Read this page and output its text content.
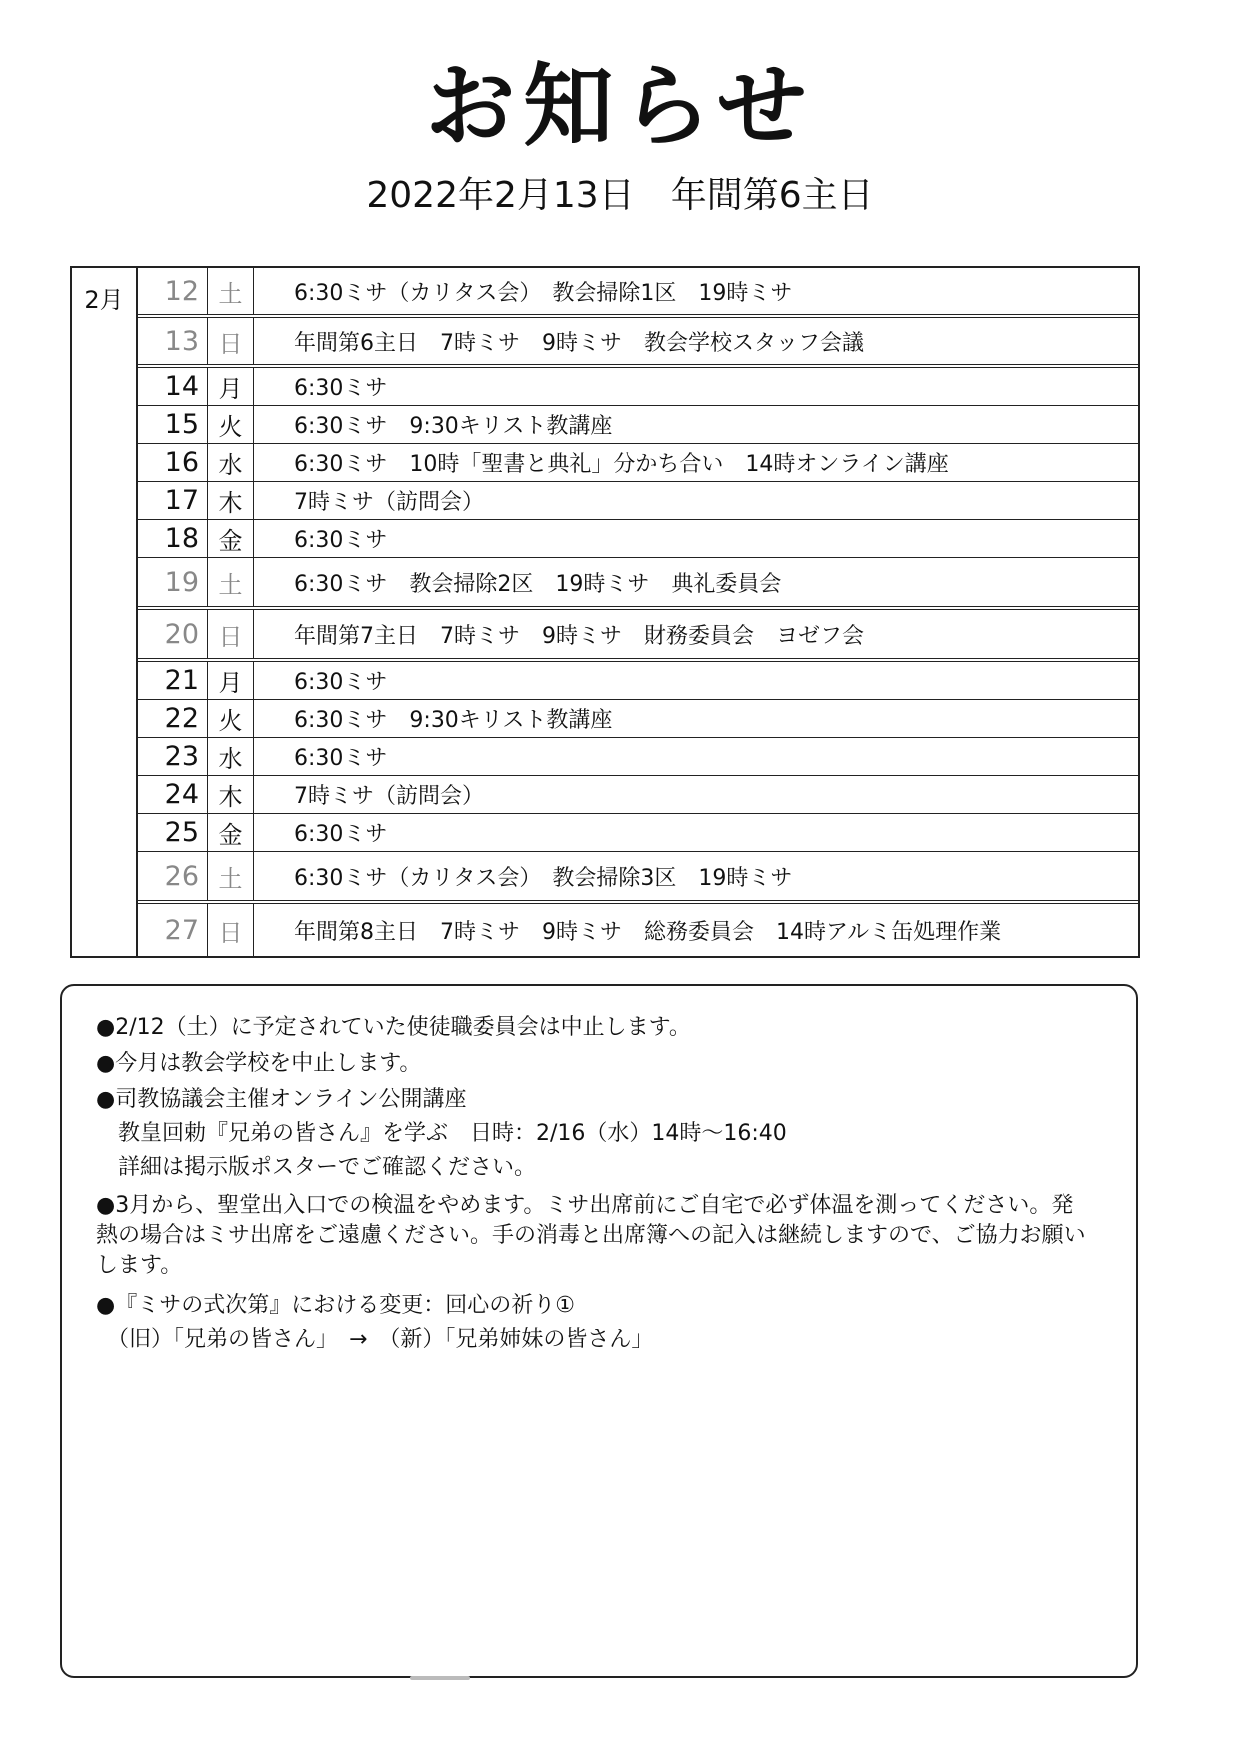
お知らせ
2022年2月13日　年間第6主日
2月	12 土	6:30ミサ（カリタス会）　教会掃除1区　19時ミサ
13 日	年間第6主日　7時ミサ　9時ミサ　教会学校スタッフ会議
14 月	6:30ミサ
15 火	6:30ミサ　9:30キリスト教講座
16 水	6:30ミサ　10時「聖書と典礼」分かち合い　14時オンライン講座
17 木	7時ミサ（訪問会）
18 金	6:30ミサ
19 土	6:30ミサ　教会掃除2区　19時ミサ　典礼委員会
20 日	年間第7主日　7時ミサ　9時ミサ　財務委員会　ヨゼフ会
21 月	6:30ミサ
22 火	6:30ミサ　9:30キリスト教講座
23 水	6:30ミサ
24 木	7時ミサ（訪問会）
25 金	6:30ミサ
26 土	6:30ミサ（カリタス会）　教会掃除3区　19時ミサ
27 日	年間第8主日　7時ミサ　9時ミサ　総務委員会　14時アルミ缶処理作業
●2/12（土）に予定されていた使徒職委員会は中止します。
●今月は教会学校を中止します。
●司教協議会主催オンライン公開講座
　教皇回勅『兄弟の皆さん』を学ぶ　日時：2/16（水）14時～16:40
　詳細は掲示版ポスターでご確認ください。
●3月から、聖堂出入口での検温をやめます。ミサ出席前にご自宅で必ず体温を測ってください。発
熱の場合はミサ出席をご遠慮ください。手の消毒と出席簿への記入は継続しますので、ご協力お願い
します。
●『ミサの式次第』における変更：回心の祈り①
　（旧）「兄弟の皆さん」　→　（新）「兄弟姉妹の皆さん」
